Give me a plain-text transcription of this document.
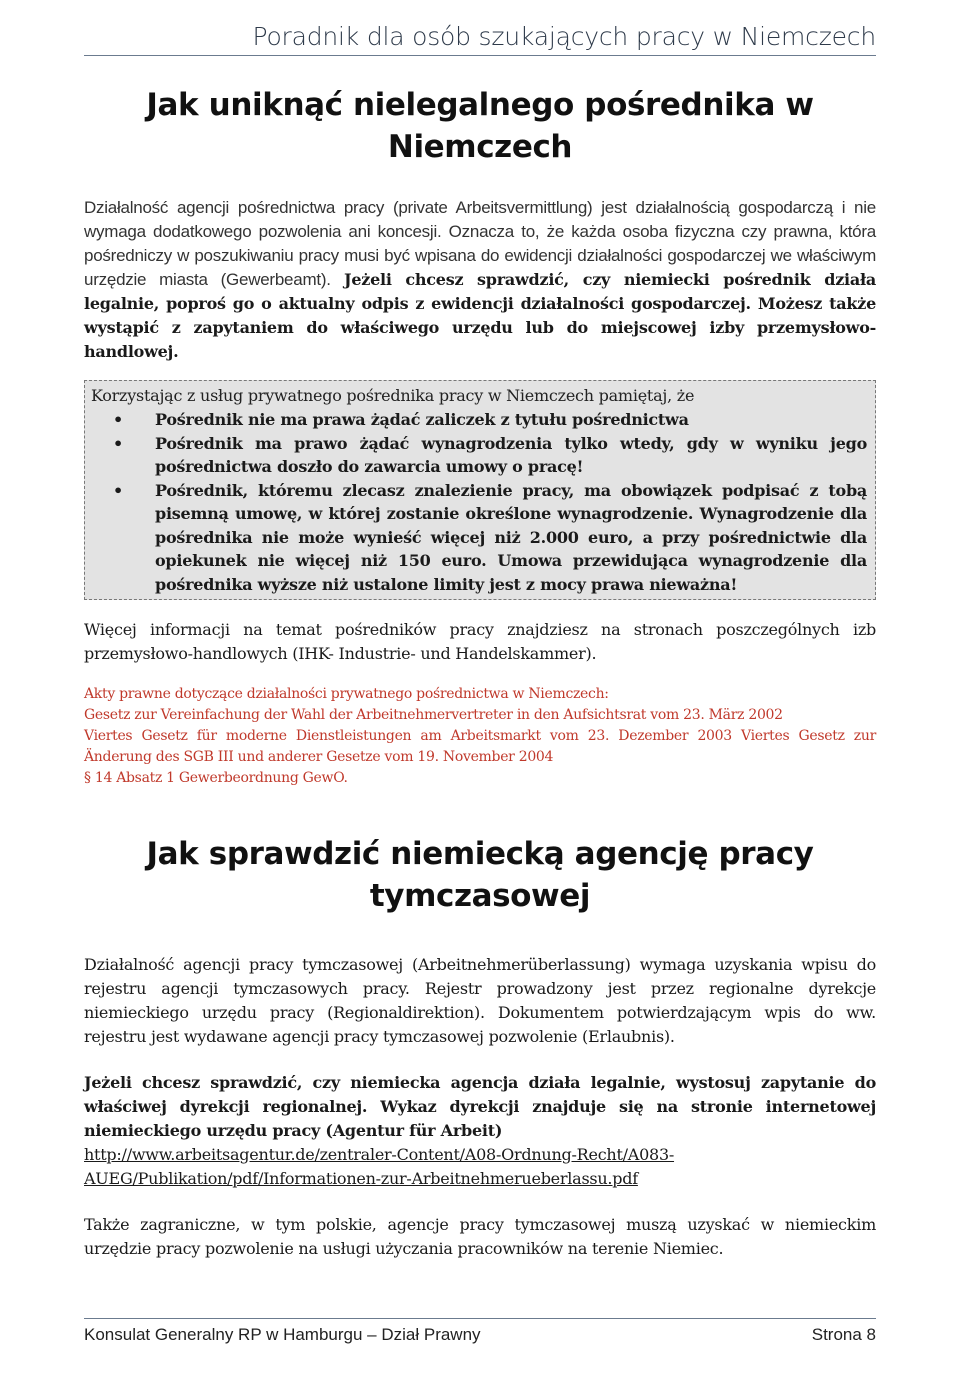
Poradnik dla osób szukających pracy w Niemczech
Jak uniknąć nielegalnego pośrednika w
Niemczech

Działalność agencji pośrednictwa pracy (private Arbeitsvermittlung) jest działalnością gospodarczą i nie wymaga dodatkowego pozwolenia ani koncesji. Oznacza to, że każda osoba fizyczna czy prawna, która pośredniczy w poszukiwaniu pracy musi być wpisana do ewidencji działalności gospodarczej we właściwym urzędzie miasta (Gewerbeamt). Jeżeli chcesz sprawdzić, czy niemiecki pośrednik działa legalnie, poproś go o aktualny odpis z ewidencji działalności gospodarczej. Możesz także wystąpić z zapytaniem do właściwego urzędu lub do miejscowej izby przemysłowo- handlowej.

Korzystając z usług prywatnego pośrednika pracy w Niemczech pamiętaj, że

• Pośrednik nie ma prawa żądać zaliczek z tytułu pośrednictwa
• Pośrednik ma prawo żądać wynagrodzenia tylko wtedy, gdy w wyniku jego pośrednictwa doszło do zawarcia umowy o pracę!
• Pośrednik, któremu zlecasz znalezienie pracy, ma obowiązek podpisać z tobą pisemną umowę, w której zostanie określone wynagrodzenie. Wynagrodzenie dla pośrednika nie może wynieść więcej niż 2.000 euro, a przy pośrednictwie dla opiekunek nie więcej niż 150 euro. Umowa przewidująca wynagrodzenie dla pośrednika wyższe niż ustalone limity jest z mocy prawa nieważna!

Więcej informacji na temat pośredników pracy znajdziesz na stronach poszczególnych izb przemysłowo-handlowych (IHK- Industrie- und Handelskammer).

Akty prawne dotyczące działalności prywatnego pośrednictwa w Niemczech:
Gesetz zur Vereinfachung der Wahl der Arbeitnehmervertreter in den Aufsichtsrat vom 23. März 2002
Viertes Gesetz für moderne Dienstleistungen am Arbeitsmarkt vom 23. Dezember 2003 Viertes Gesetz zur Änderung des SGB III und anderer Gesetze vom 19. November 2004
§ 14 Absatz 1 Gewerbeordnung GewO.
Jak sprawdzić niemiecką agencję pracy
tymczasowej

Działalność agencji pracy tymczasowej (Arbeitnehmerüberlassung) wymaga uzyskania wpisu do rejestru agencji tymczasowych pracy. Rejestr prowadzony jest przez regionalne dyrekcje niemieckiego urzędu pracy (Regionaldirektion). Dokumentem potwierdzającym wpis do ww. rejestru jest wydawane agencji pracy tymczasowej pozwolenie (Erlaubnis).

Jeżeli chcesz sprawdzić, czy niemiecka agencja działa legalnie, wystosuj zapytanie do właściwej dyrekcji regionalnej. Wykaz dyrekcji znajduje się na stronie internetowej niemieckiego urzędu pracy (Agentur für Arbeit)
http://www.arbeitsagentur.de/zentraler-Content/A08-Ordnung-Recht/A083-
AUEG/Publikation/pdf/Informationen-zur-Arbeitnehmerueberlassu.pdf

Także zagraniczne, w tym polskie, agencje pracy tymczasowej muszą uzyskać w niemieckim urzędzie pracy pozwolenie na usługi użyczania pracowników na terenie Niemiec.

Konsulat Generalny RP w Hamburgu – Dział Prawny	Strona 8
